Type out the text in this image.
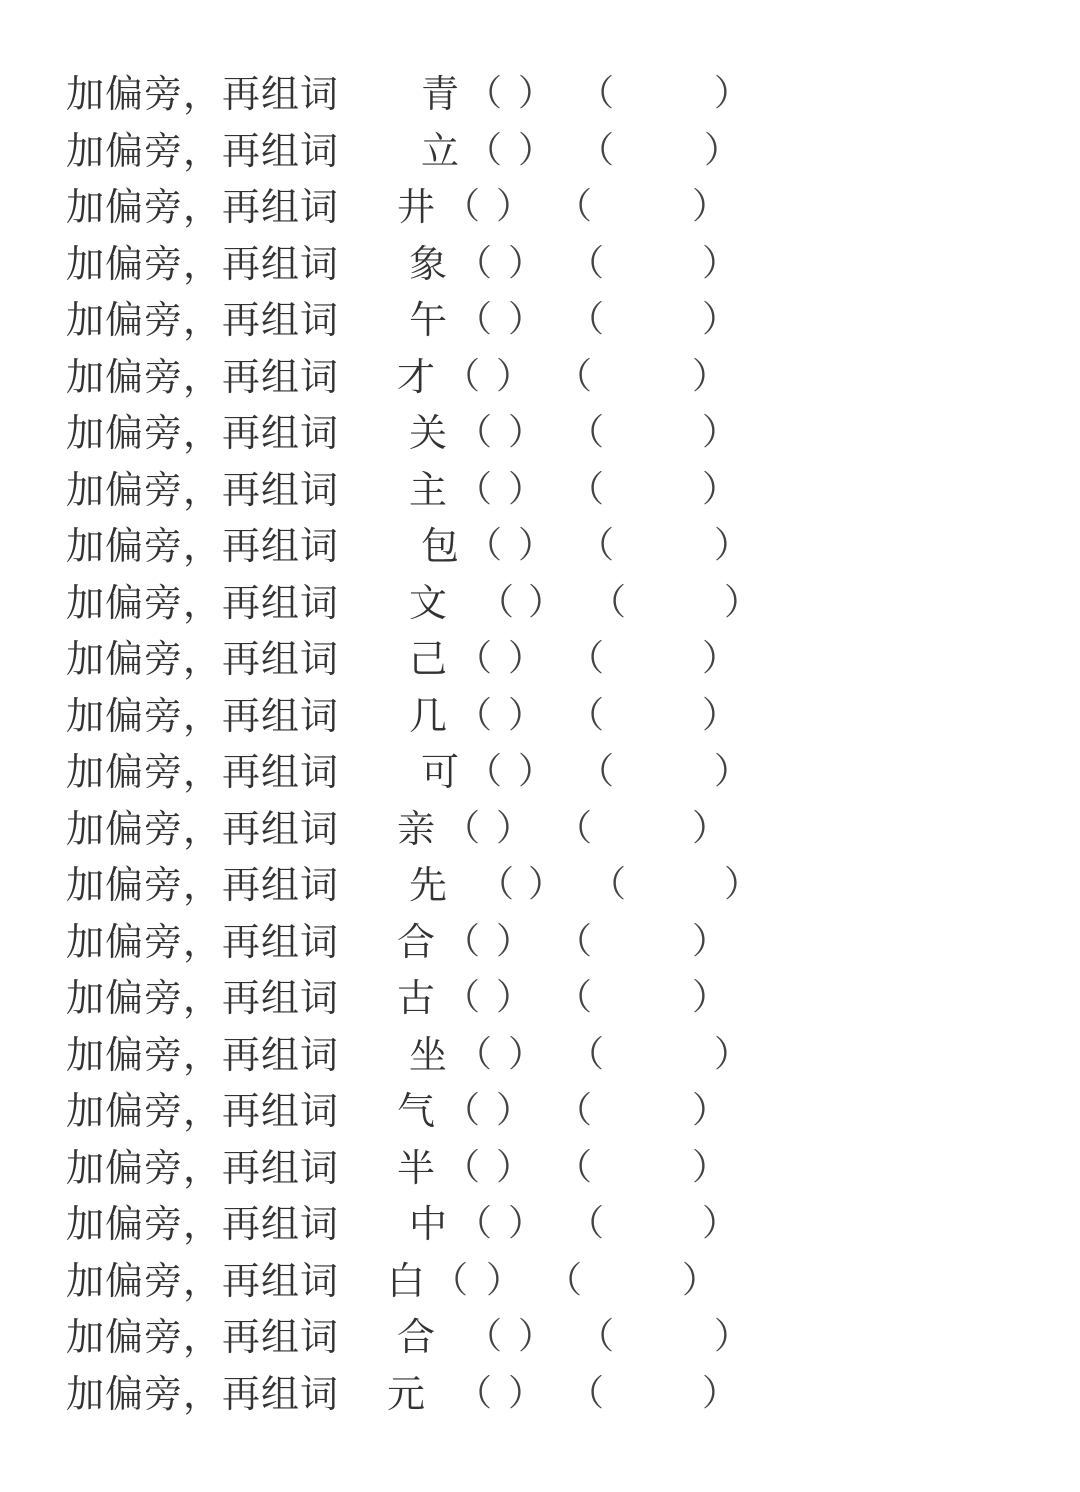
加偏旁，再组词 青 （ ） （	）
加偏旁，再组词 立 （ ） （ ）
加偏旁，再组词 井 （ ） （	）
加偏旁，再组词 象 （ ） （	）
加偏旁，再组词 午 （ ） （	）
加偏旁，再组词 才 （ ） （	）
加偏旁，再组词 关 （ ） （	）
加偏旁，再组词 主 （ ） （	）
加偏旁，再组词 包 （ ） （	）
加偏旁，再组词 文 （ ） （	）
加偏旁，再组词 己 （ ） （	）
加偏旁，再组词 几 （ ） （	）
加偏旁，再组词 可 （ ） （	）
加偏旁，再组词 亲 （ ） （	）
加偏旁，再组词 先 （ ） （	）
加偏旁，再组词 合 （ ） （	）
加偏旁，再组词 古 （ ） （	）
加偏旁，再组词 坐 （ ） （	）
加偏旁，再组词 气 （ ） （	）
加偏旁，再组词 半 （ ） （	）
加偏旁，再组词 中 （ ） （	）
加偏旁，再组词 白 （ ） （	）
加偏旁，再组词 合 （ ） （	）
加偏旁，再组词 元 （ ） （	）
